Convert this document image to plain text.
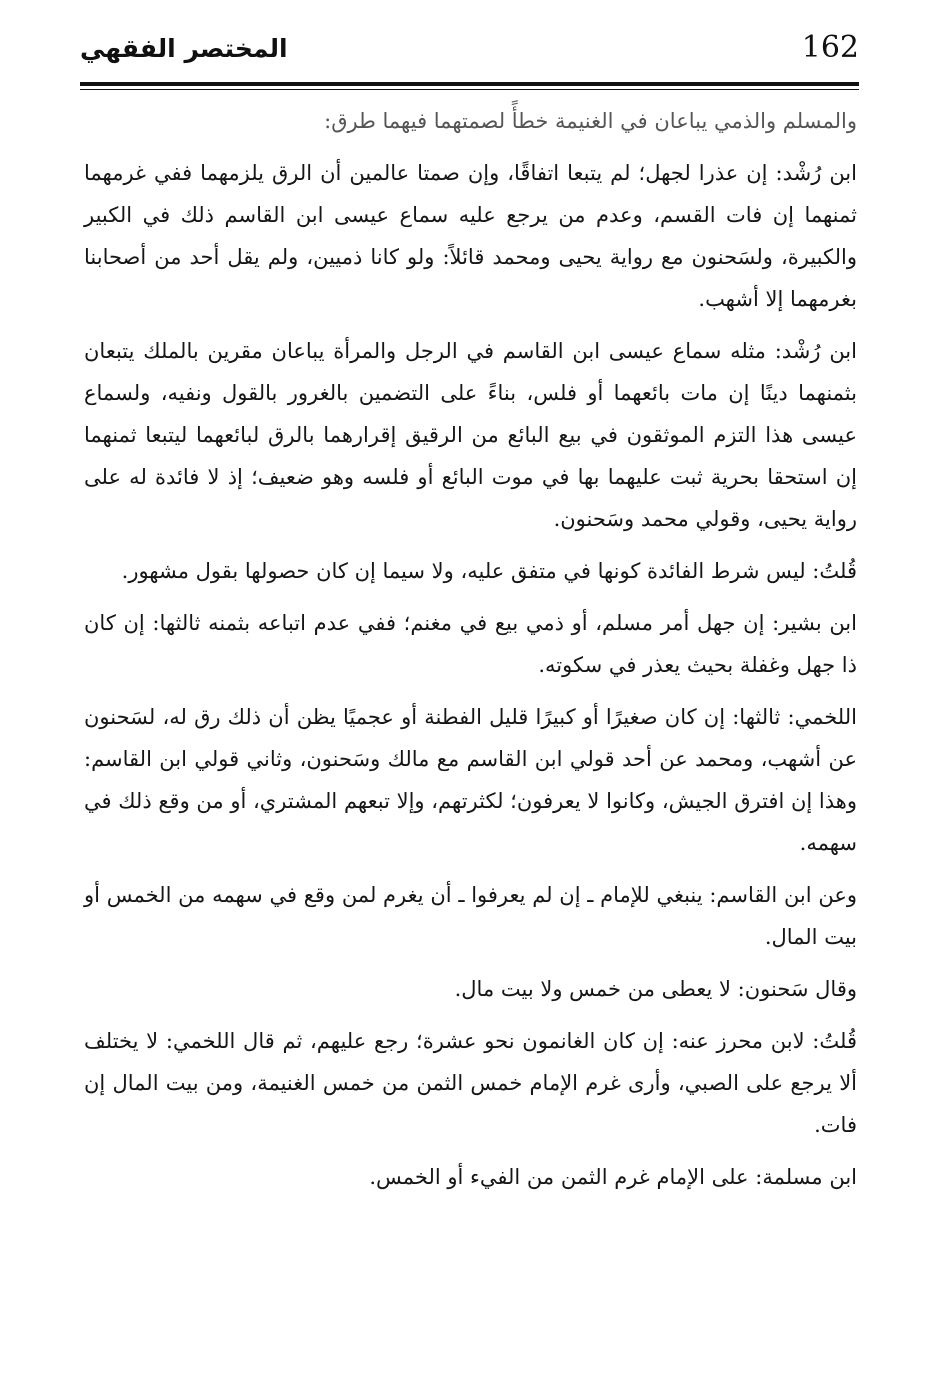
162
المختصر الفقهي

والمسلم والذمي يباعان في الغنيمة خطأً لصمتهما فيهما طرق:

ابن رُشْد: إن عذرا لجهل؛ لم يتبعا اتفاقًا، وإن صمتا عالمين أن الرق يلزمهما ففي غرمهما ثمنهما إن فات القسم، وعدم من يرجع عليه سماع عيسى ابن القاسم ذلك في الكبير والكبيرة، ولسَحنون مع رواية يحيى ومحمد قائلاً: ولو كانا ذميين، ولم يقل أحد من أصحابنا بغرمهما إلا أشهب.

ابن رُشْد: مثله سماع عيسى ابن القاسم في الرجل والمرأة يباعان مقرين بالملك يتبعان بثمنهما دينًا إن مات بائعهما أو فلس، بناءً على التضمين بالغرور بالقول ونفيه، ولسماع عيسى هذا التزم الموثقون في بيع البائع من الرقيق إقرارهما بالرق لبائعهما ليتبعا ثمنهما إن استحقا بحرية ثبت عليهما بها في موت البائع أو فلسه وهو ضعيف؛ إذ لا فائدة له على رواية يحيى، وقولي محمد وسَحنون.

قُلتُ: ليس شرط الفائدة كونها في متفق عليه، ولا سيما إن كان حصولها بقول مشهور.

ابن بشير: إن جهل أمر مسلم، أو ذمي بيع في مغنم؛ ففي عدم اتباعه بثمنه ثالثها: إن كان ذا جهل وغفلة بحيث يعذر في سكوته.

اللخمي: ثالثها: إن كان صغيرًا أو كبيرًا قليل الفطنة أو عجميًا يظن أن ذلك رق له، لسَحنون عن أشهب، ومحمد عن أحد قولي ابن القاسم مع مالك وسَحنون، وثاني قولي ابن القاسم: وهذا إن افترق الجيش، وكانوا لا يعرفون؛ لكثرتهم، وإلا تبعهم المشتري، أو من وقع ذلك في سهمه.

وعن ابن القاسم: ينبغي للإمام ـ إن لم يعرفوا ـ أن يغرم لمن وقع في سهمه من الخمس أو بيت المال.

وقال سَحنون: لا يعطى من خمس ولا بيت مال.

قُلتُ: لابن محرز عنه: إن كان الغانمون نحو عشرة؛ رجع عليهم، ثم قال اللخمي: لا يختلف ألا يرجع على الصبي، وأرى غرم الإمام خمس الثمن من خمس الغنيمة، ومن بيت المال إن فات.

ابن مسلمة: على الإمام غرم الثمن من الفيء أو الخمس.
